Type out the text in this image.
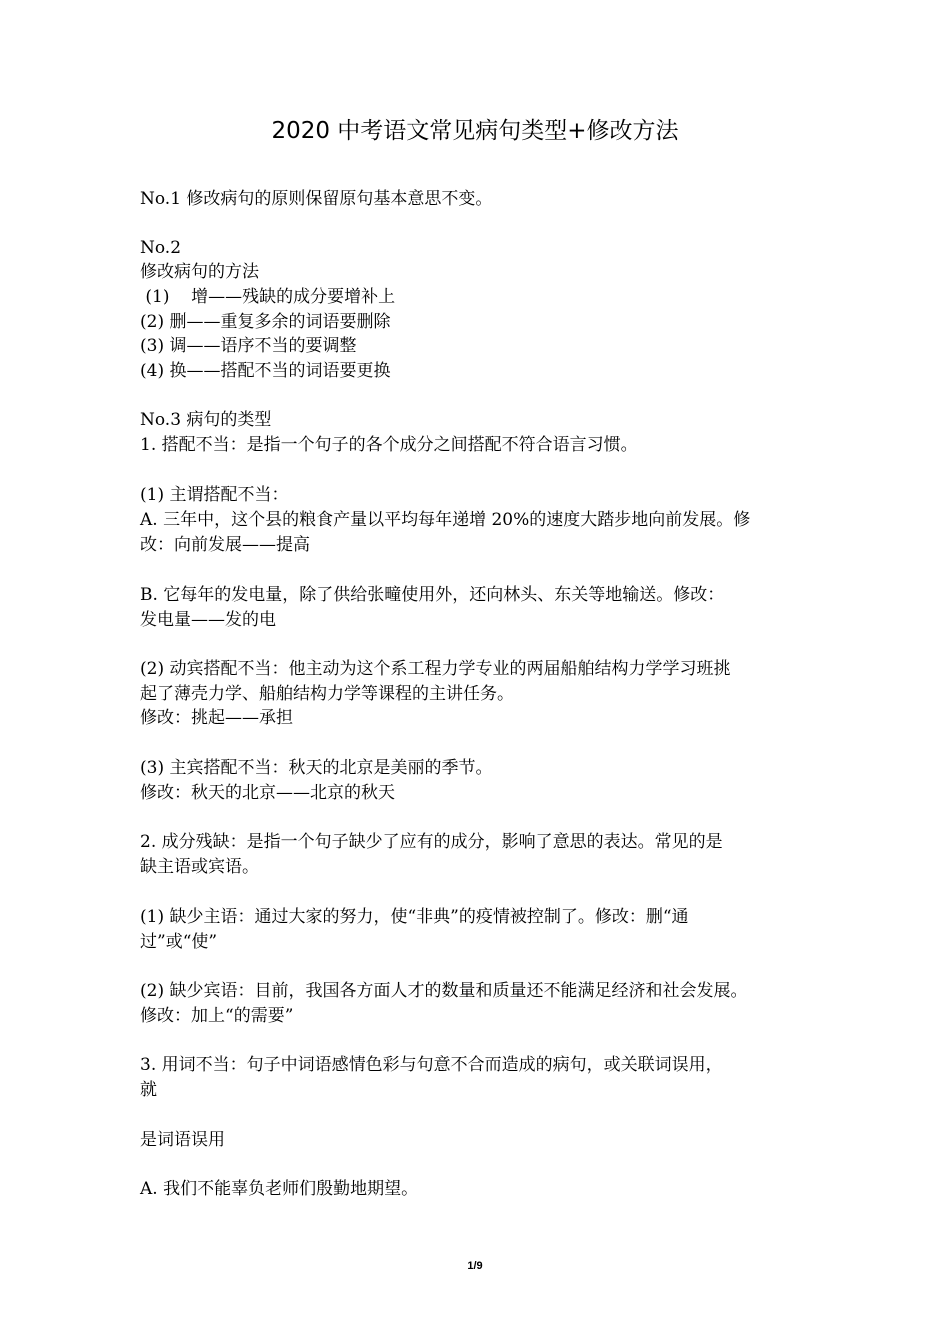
2020 中考语文常见病句类型+修改方法
No.1 修改病句的原则保留原句基本意思不变。
No.2
修改病句的方法
(1)    增——残缺的成分要增补上
(2) 删——重复多余的词语要删除
(3) 调——语序不当的要调整
(4) 换——搭配不当的词语要更换
No.3 病句的类型
1. 搭配不当：是指一个句子的各个成分之间搭配不符合语言习惯。
(1) 主谓搭配不当：
A. 三年中，这个县的粮食产量以平均每年递增 20%的速度大踏步地向前发展。修
改：向前发展——提高
B. 它每年的发电量，除了供给张疃使用外，还向林头、东关等地输送。修改：
发电量——发的电
(2) 动宾搭配不当：他主动为这个系工程力学专业的两届船舶结构力学学习班挑
起了薄壳力学、船舶结构力学等课程的主讲任务。
修改：挑起——承担
(3) 主宾搭配不当：秋天的北京是美丽的季节。
修改：秋天的北京——北京的秋天
2. 成分残缺：是指一个句子缺少了应有的成分，影响了意思的表达。常见的是
缺主语或宾语。
(1) 缺少主语：通过大家的努力，使“非典”的疫情被控制了。修改：删“通
过”或“使”
(2) 缺少宾语：目前，我国各方面人才的数量和质量还不能满足经济和社会发展。
修改：加上“的需要”
3. 用词不当：句子中词语感情色彩与句意不合而造成的病句，或关联词误用，
就
是词语误用
A. 我们不能辜负老师们殷勤地期望。
1/9
